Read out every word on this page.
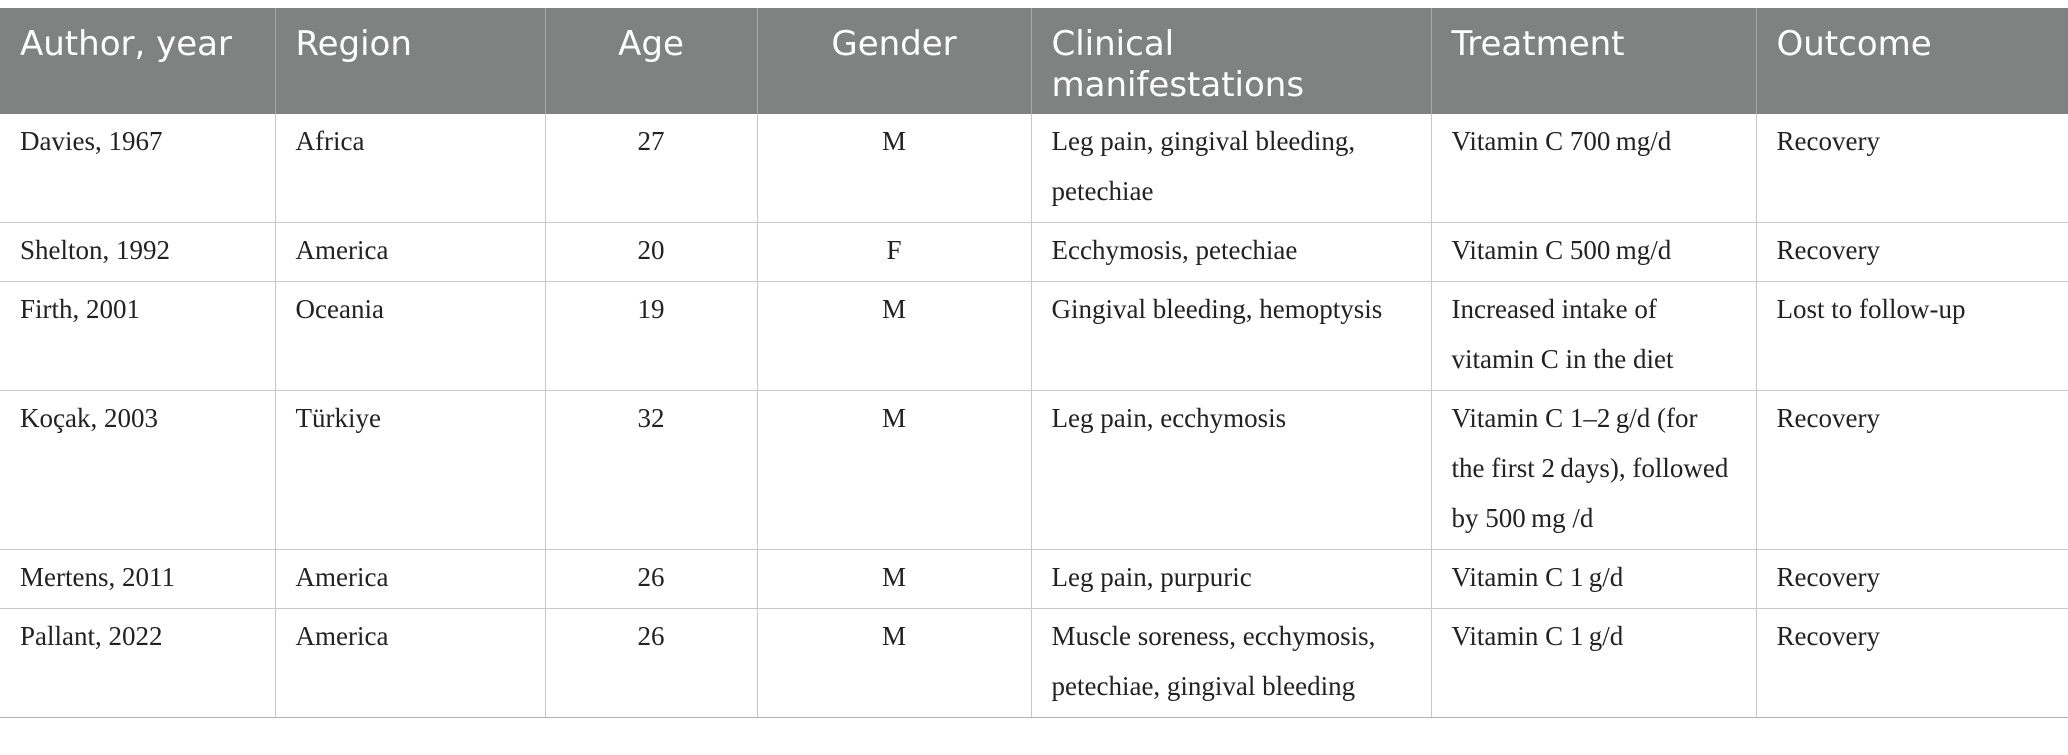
Author, year	Region	Age	Gender	Clinical manifestations	Treatment	Outcome
Davies, 1967	Africa	27	M	Leg pain, gingival bleeding, petechiae	Vitamin C 700 mg/d	Recovery
Shelton, 1992	America	20	F	Ecchymosis, petechiae	Vitamin C 500 mg/d	Recovery
Firth, 2001	Oceania	19	M	Gingival bleeding, hemoptysis	Increased intake of vitamin C in the diet	Lost to follow-up
Koçak, 2003	Türkiye	32	M	Leg pain, ecchymosis	Vitamin C 1–2 g/d (for the first 2 days), followed by 500 mg /d	Recovery
Mertens, 2011	America	26	M	Leg pain, purpuric	Vitamin C 1 g/d	Recovery
Pallant, 2022	America	26	M	Muscle soreness, ecchymosis, petechiae, gingival bleeding	Vitamin C 1 g/d	Recovery
